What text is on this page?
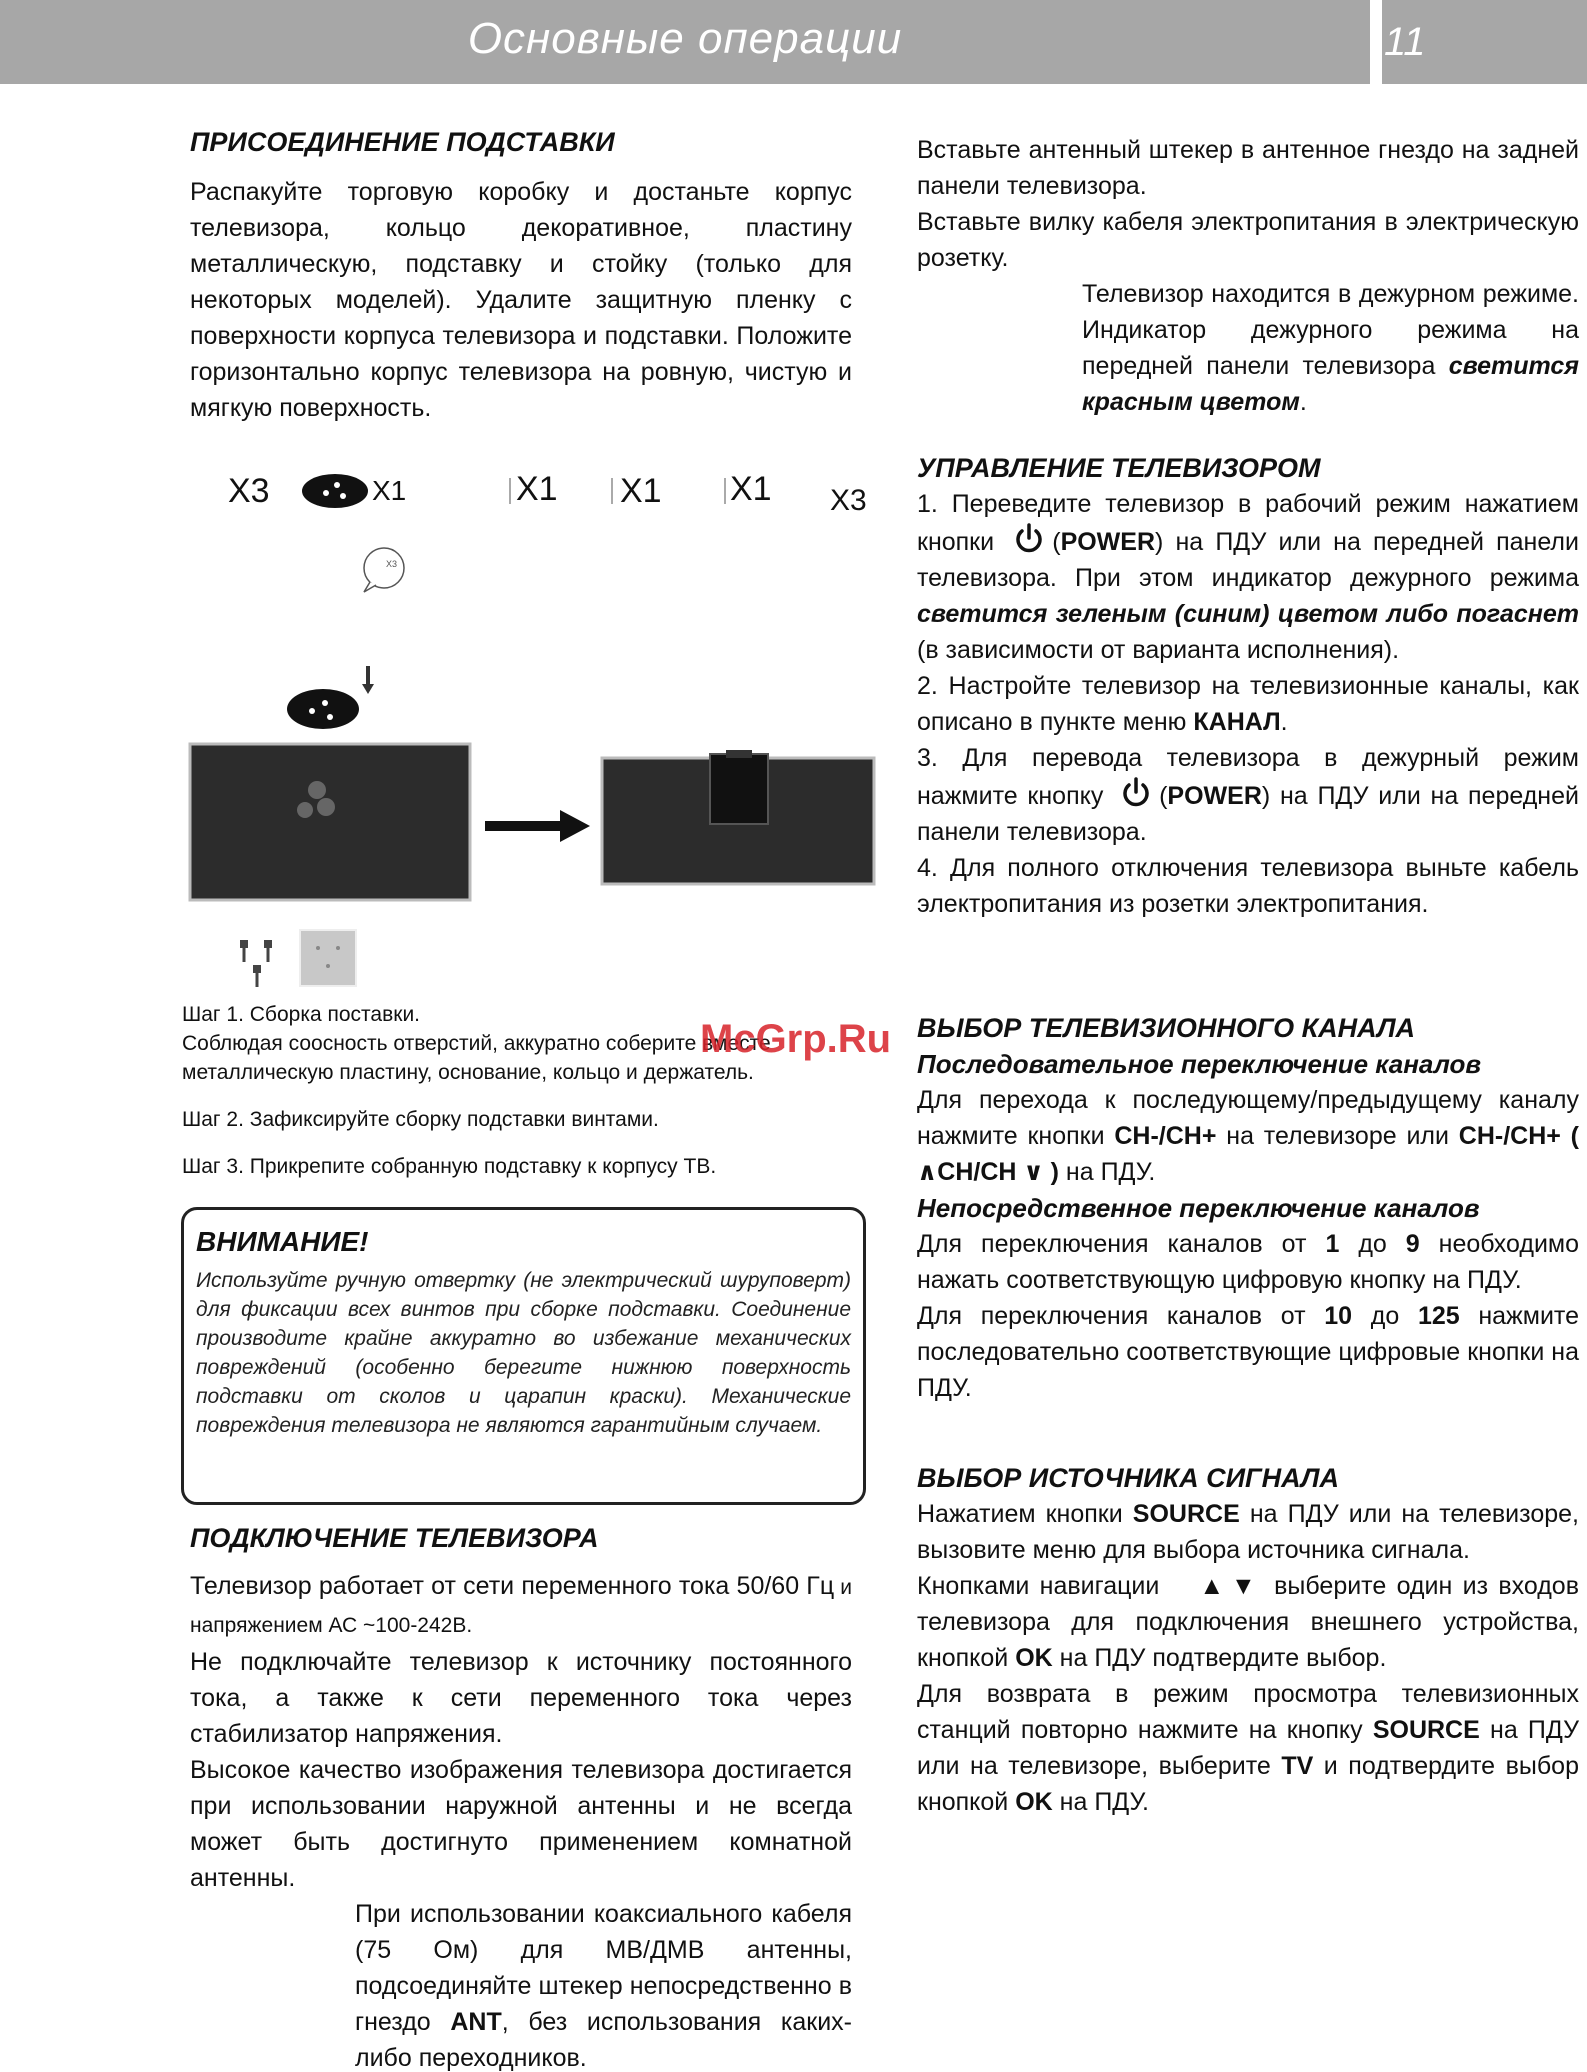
Основные операции	11
ПРИСОЕДИНЕНИЕ ПОДСТАВКИ

Распакуйте торговую коробку и достаньте корпус телевизора, кольцо декоративное, пластину металлическую, подставку и стойку (только для некоторых моделей). Удалите защитную пленку с поверхности корпуса телевизора и подставки. Положите горизонтально корпус телевизора на ровную, чистую и мягкую поверхность.

X3	X1	X1 X1 X1 X3
X3

Шаг 1. Сборка поставки.
Соблюдая соосность отверстий, аккуратно соберите вместе металлическую пластину, основание, кольцо и держатель.

Шаг 2. Зафиксируйте сборку подставки винтами.

Шаг 3. Прикрепите собранную подставку к корпусу ТВ.

McGrp.Ru
ВНИМАНИЕ!

Используйте ручную отвертку (не электрический шуруповерт) для фиксации всех винтов при сборке подставки. Соединение производите крайне аккуратно во избежание механических повреждений (особенно берегите нижнюю поверхность подставки от сколов и царапин краски). Механические повреждения телевизора не являются гарантийным случаем.

ПОДКЛЮЧЕНИЕ ТЕЛЕВИЗОРА

Телевизор работает от сети переменного тока 50/60 Гц и напряжением АС ~100-242В.

Не подключайте телевизор к источнику постоянного тока, а также к сети переменного тока через стабилизатор напряжения.

Высокое качество изображения телевизора достигается при использовании наружной антенны и не всегда может быть достигнуто применением комнатной антенны.

При использовании коаксиального кабеля (75 Ом) для МВ/ДМВ антенны, подсоединяйте штекер непосредственно в гнездо ANT, без использования каких-либо переходников.

Вставьте антенный штекер в антенное гнездо на задней панели телевизора.

Вставьте вилку кабеля электропитания в электрическую розетку.

Телевизор находится в дежурном режиме. Индикатор дежурного режима на передней панели телевизора светится красным цветом.

УПРАВЛЕНИЕ ТЕЛЕВИЗОРОМ

1. Переведите телевизор в рабочий режим нажатием кнопки (POWER) на ПДУ или на передней панели телевизора. При этом индикатор дежурного режима светится зеленым (синим) цветом либо погаснет (в зависимости от варианта исполнения).

2. Настройте телевизор на телевизионные каналы, как описано в пункте меню КАНАЛ.

3. Для перевода телевизора в дежурный режим нажмите кнопку (POWER) на ПДУ или на передней панели телевизора.

4. Для полного отключения телевизора выньте кабель электропитания из розетки электропитания.

ВЫБОР ТЕЛЕВИЗИОННОГО КАНАЛА
Последовательное переключение каналов

Для перехода к последующему/предыдущему каналу нажмите кнопки CH-/CH+ на телевизоре или CH-/CH+ ( ∧CH/CH ∨ ) на ПДУ.

Непосредственное переключение каналов

Для переключения каналов от 1 до 9 необходимо нажать соответствующую цифровую кнопку на ПДУ.

Для переключения каналов от 10 до 125 нажмите последовательно соответствующие цифровые кнопки на ПДУ.

ВЫБОР ИСТОЧНИКА СИГНАЛА

Нажатием кнопки SOURCE на ПДУ или на телевизоре, вызовите меню для выбора источника сигнала.

Кнопками навигации ▲ ▼ выберите один из входов телевизора для подключения внешнего устройства, кнопкой OK на ПДУ подтвердите выбор.

Для возврата в режим просмотра телевизионных станций повторно нажмите на кнопку SOURCE на ПДУ или на телевизоре, выберите TV и подтвердите выбор кнопкой OK на ПДУ.
